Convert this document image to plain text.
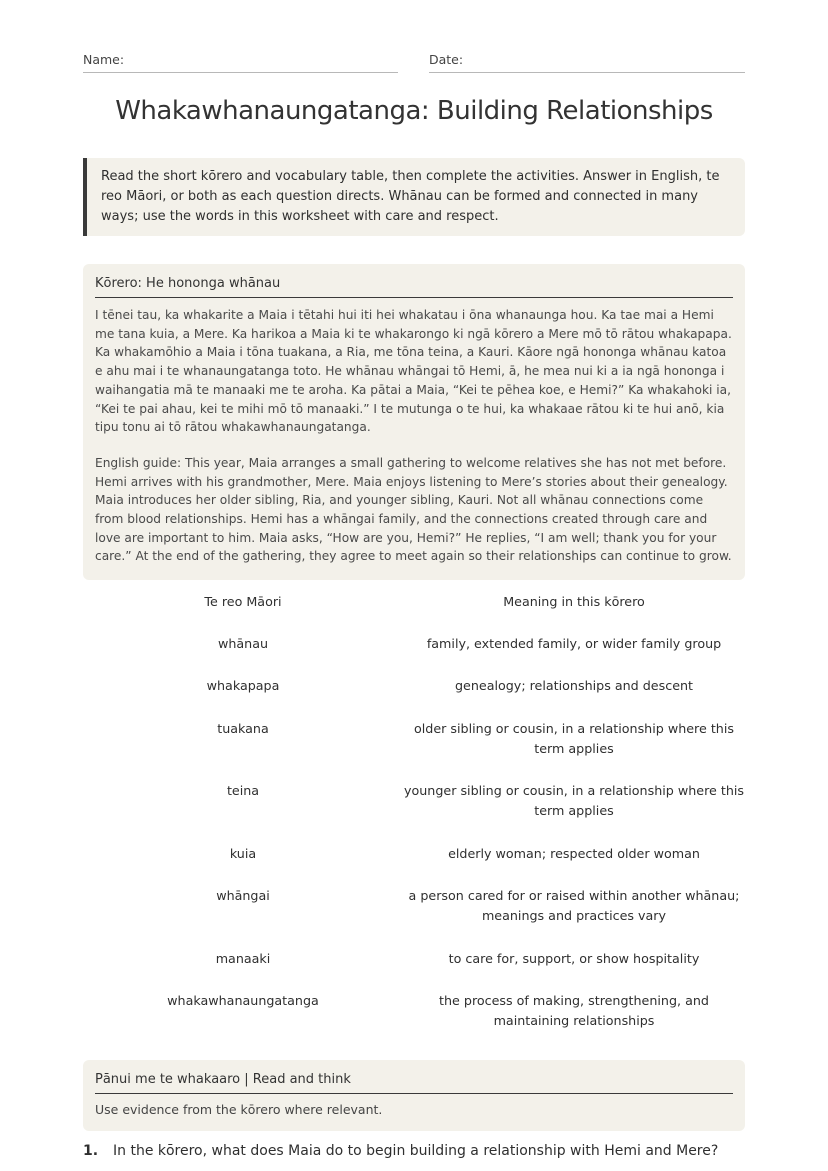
Name:	Date:
Whakawhanaungatanga: Building Relationships
Read the short kōrero and vocabulary table, then complete the activities. Answer in English, te reo Māori, or both as each question directs. Whānau can be formed and connected in many ways; use the words in this worksheet with care and respect.
Kōrero: He hononga whānau

I tēnei tau, ka whakarite a Maia i tētahi hui iti hei whakatau i ōna whanaunga hou. Ka tae mai a Hemi me tana kuia, a Mere. Ka harikoa a Maia ki te whakarongo ki ngā kōrero a Mere mō tō rātou whakapapa. Ka whakamōhio a Maia i tōna tuakana, a Ria, me tōna teina, a Kauri. Kāore ngā hononga whānau katoa e ahu mai i te whanaungatanga toto. He whānau whāngai tō Hemi, ā, he mea nui ki a ia ngā hononga i waihangatia mā te manaaki me te aroha. Ka pātai a Maia, “Kei te pēhea koe, e Hemi?” Ka whakahoki ia, “Kei te pai ahau, kei te mihi mō tō manaaki.” I te mutunga o te hui, ka whakaae rātou ki te hui anō, kia tipu tonu ai tō rātou whakawhanaungatanga.

English guide: This year, Maia arranges a small gathering to welcome relatives she has not met before. Hemi arrives with his grandmother, Mere. Maia enjoys listening to Mere’s stories about their genealogy. Maia introduces her older sibling, Ria, and younger sibling, Kauri. Not all whānau connections come from blood relationships. Hemi has a whāngai family, and the connections created through care and love are important to him. Maia asks, “How are you, Hemi?” He replies, “I am well; thank you for your care.” At the end of the gathering, they agree to meet again so their relationships can continue to grow.

Te reo Māori	Meaning in this kōrero
whānau	family, extended family, or wider family group
whakapapa	genealogy; relationships and descent
tuakana	older sibling or cousin, in a relationship where this term applies
teina	younger sibling or cousin, in a relationship where this term applies
kuia	elderly woman; respected older woman
whāngai	a person cared for or raised within another whānau; meanings and practices vary
manaaki	to care for, support, or show hospitality
whakawhanaungatanga	the process of making, strengthening, and maintaining relationships
Pānui me te whakaaro | Read and think
Use evidence from the kōrero where relevant.
1. In the kōrero, what does Maia do to begin building a relationship with Hemi and Mere?
